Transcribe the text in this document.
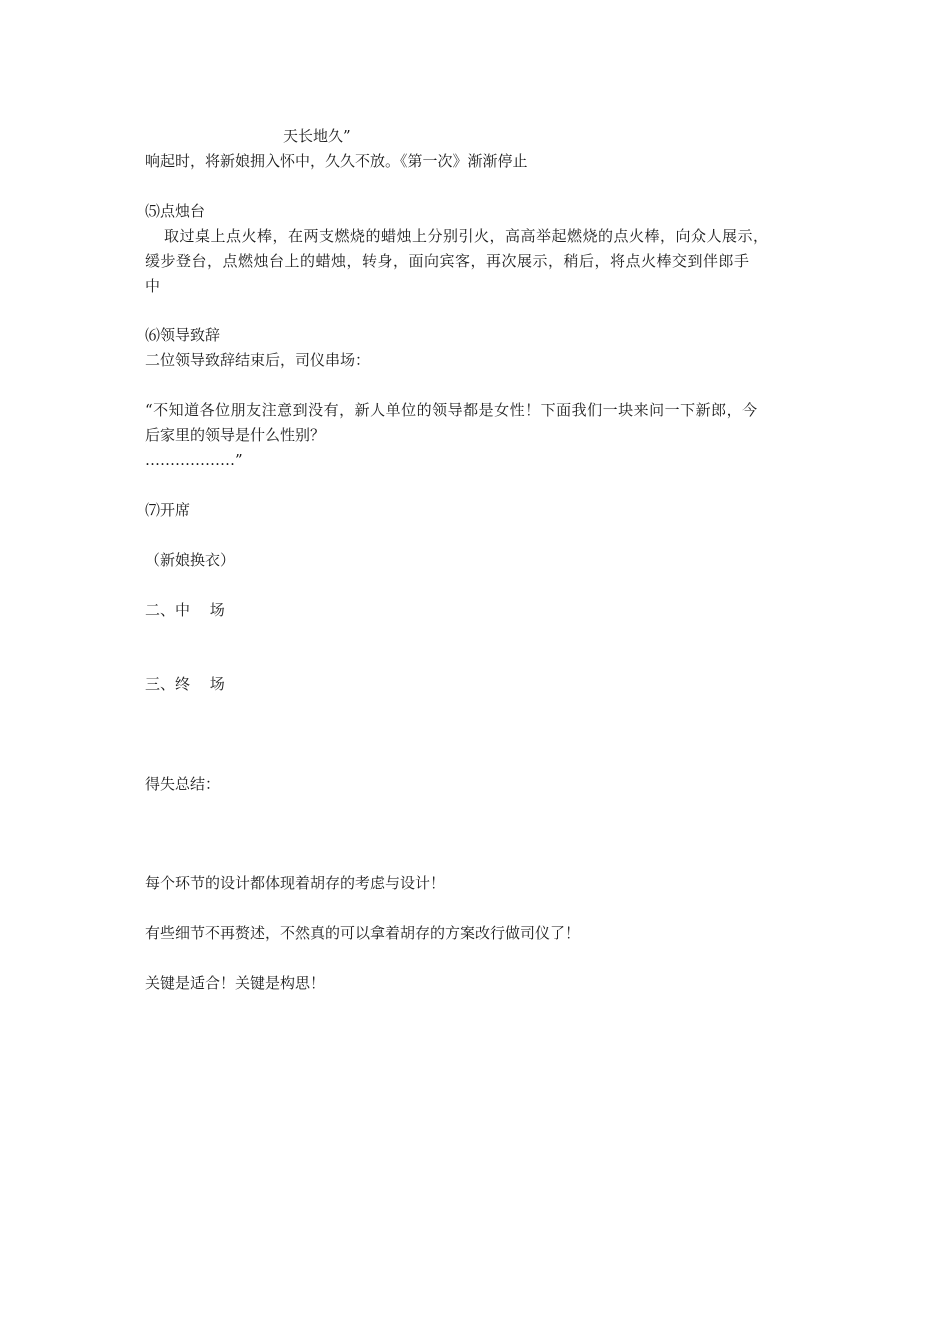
天长地久”
响起时，将新娘拥入怀中，久久不放。《第一次》渐渐停止
⑸点烛台
取过桌上点火棒，在两支燃烧的蜡烛上分别引火，高高举起燃烧的点火棒，向众人展示，
缓步登台，点燃烛台上的蜡烛，转身，面向宾客，再次展示，稍后，将点火棒交到伴郎手
中
⑹领导致辞
二位领导致辞结束后，司仪串场：
“不知道各位朋友注意到没有，新人单位的领导都是女性！下面我们一块来问一下新郎，今
后家里的领导是什么性别？
………………”
⑺开席
（新娘换衣）
二、中　 场
三、终　 场
得失总结：
每个环节的设计都体现着胡存的考虑与设计！
有些细节不再赘述，不然真的可以拿着胡存的方案改行做司仪了！
关键是适合！关键是构思！
